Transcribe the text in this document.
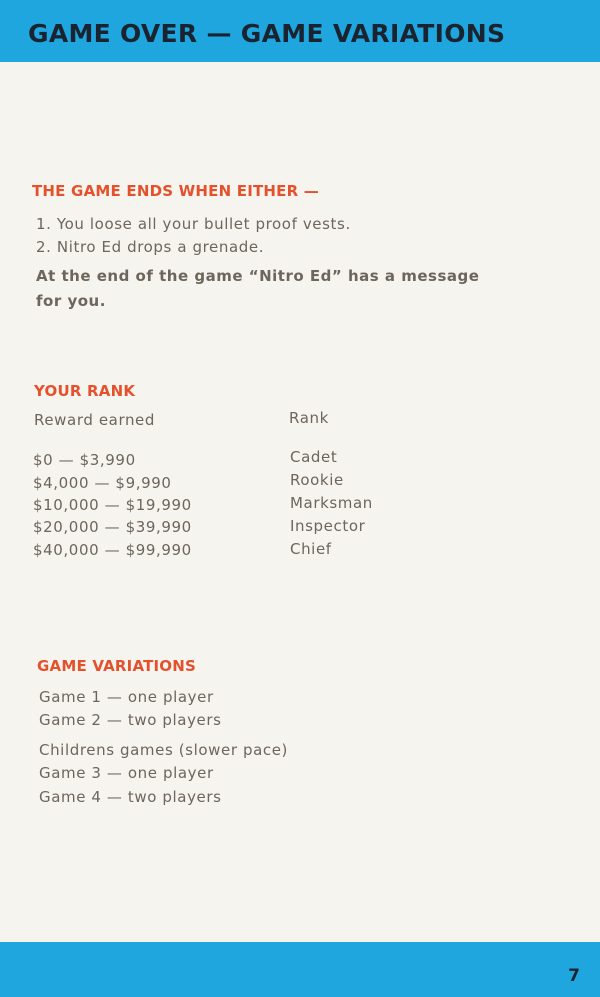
GAME OVER — GAME VARIATIONS
THE GAME ENDS WHEN EITHER —
1. You loose all your bullet proof vests.
2. Nitro Ed drops a grenade.
At the end of the game “Nitro Ed” has a message
for you.
YOUR RANK
Reward earned	Rank
$0 — $3,990	Cadet
$4,000 — $9,990	Rookie
$10,000 — $19,990	Marksman
$20,000 — $39,990	Inspector
$40,000 — $99,990	Chief
GAME VARIATIONS
Game 1 — one player
Game 2 — two players
Childrens games (slower pace)
Game 3 — one player
Game 4 — two players
7
